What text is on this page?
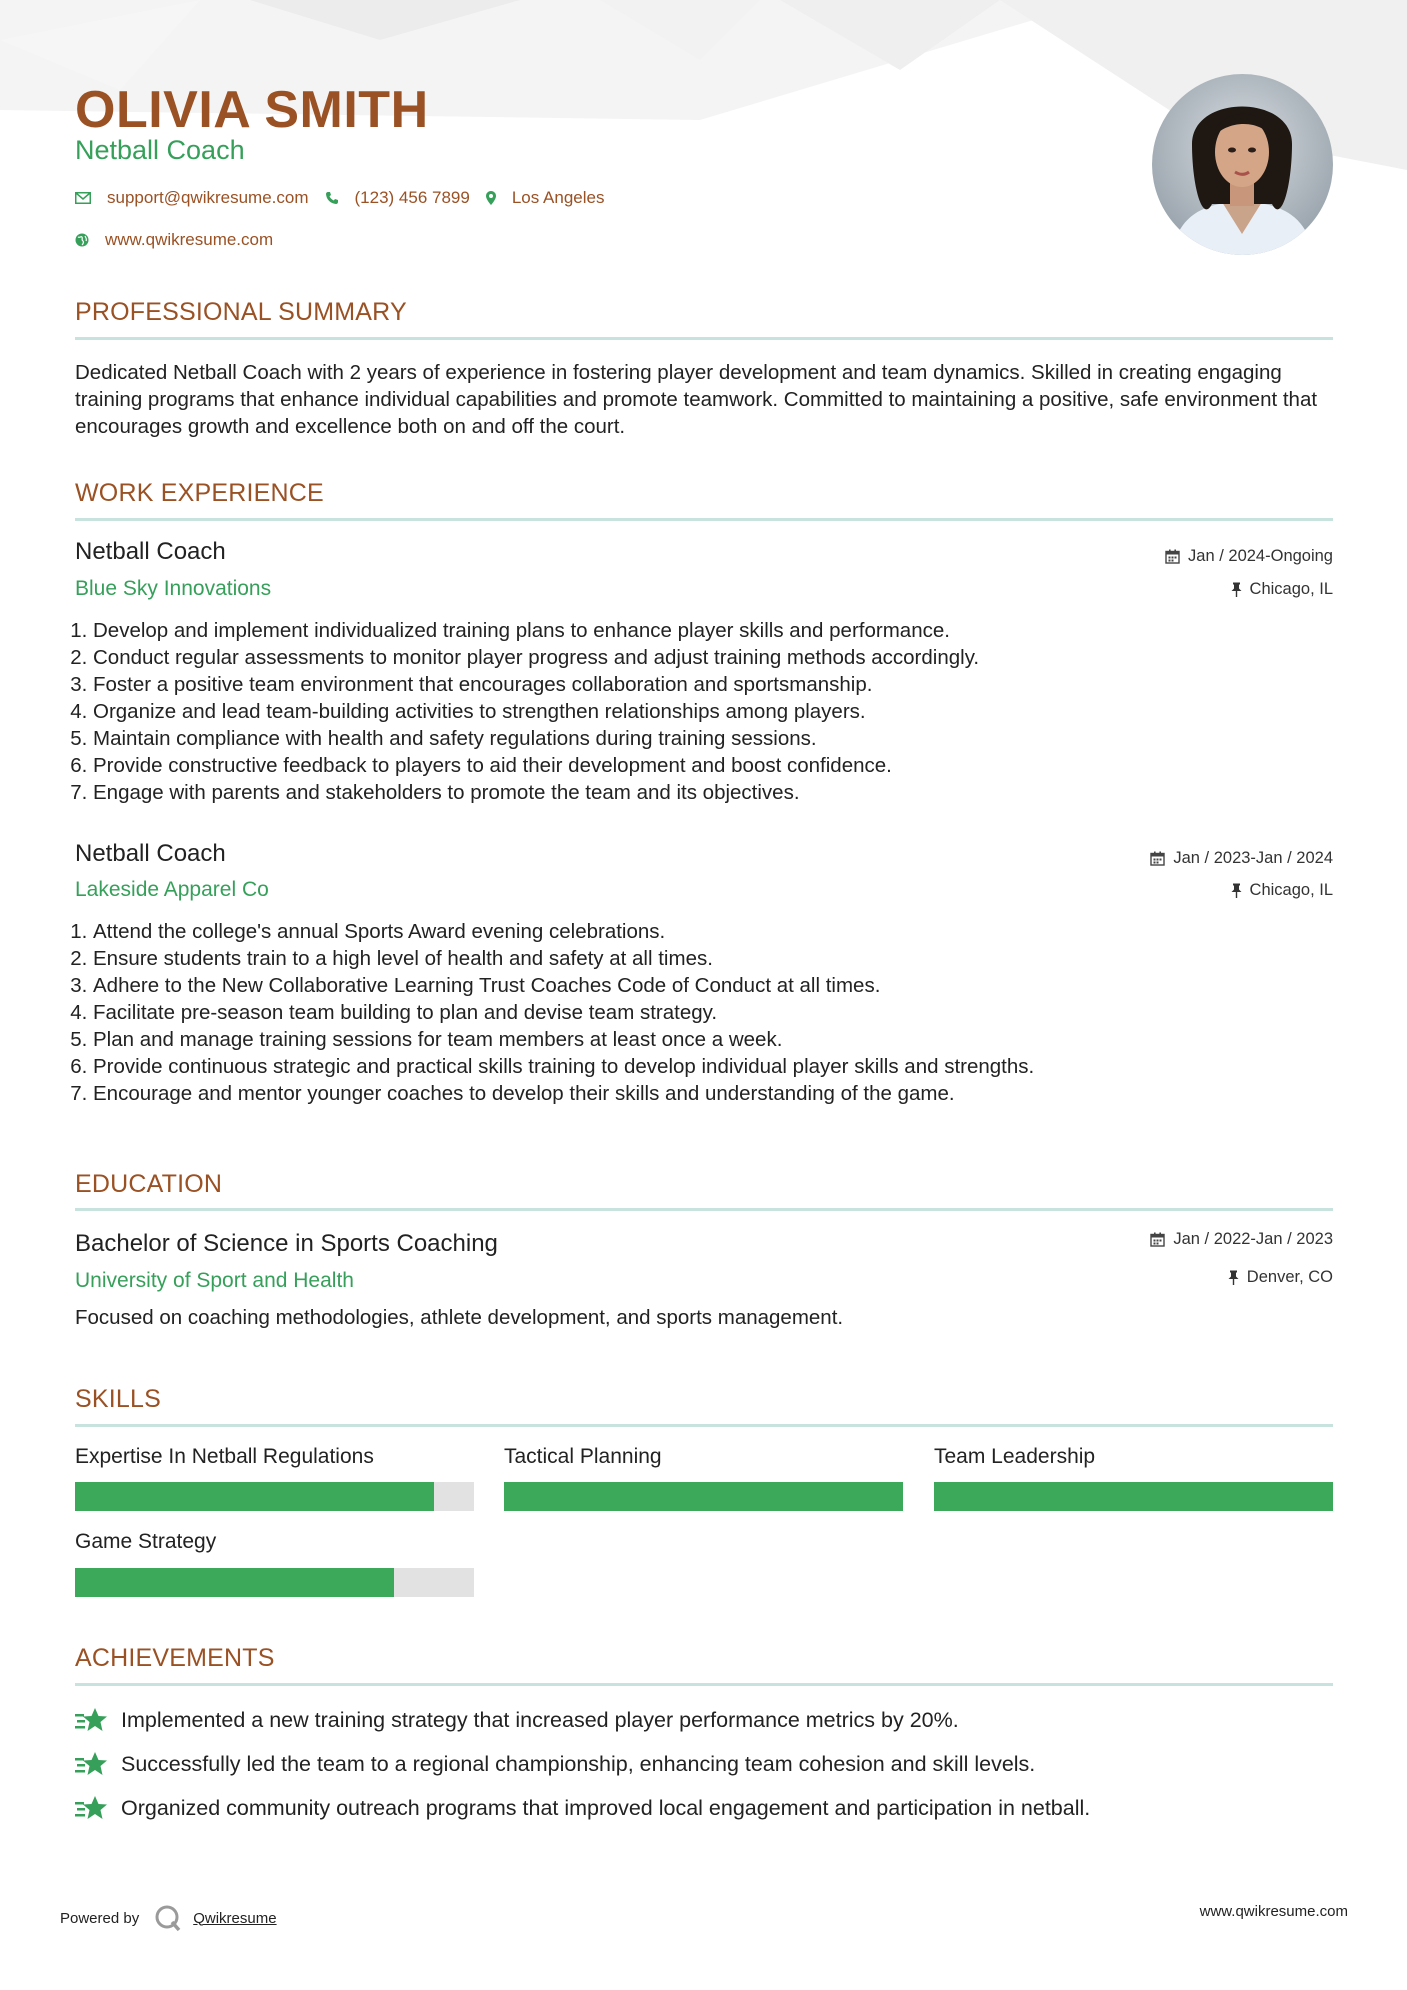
OLIVIA SMITH
Netball Coach
support@qwikresume.com	(123) 456 7899 Los Angeles
www.qwikresume.com
PROFESSIONAL SUMMARY
Dedicated Netball Coach with 2 years of experience in fostering player development and team dynamics. Skilled in creating engaging training programs that enhance individual capabilities and promote teamwork. Committed to maintaining a positive, safe environment that encourages growth and excellence both on and off the court.
WORK EXPERIENCE
Netball Coach
Blue Sky Innovations
Jan / 2024-Ongoing
Chicago, IL
1. Develop and implement individualized training plans to enhance player skills and performance.
2. Conduct regular assessments to monitor player progress and adjust training methods accordingly.
3. Foster a positive team environment that encourages collaboration and sportsmanship.
4. Organize and lead team-building activities to strengthen relationships among players.
5. Maintain compliance with health and safety regulations during training sessions.
6. Provide constructive feedback to players to aid their development and boost confidence.
7. Engage with parents and stakeholders to promote the team and its objectives.
Netball Coach
Lakeside Apparel Co
Jan / 2023-Jan / 2024
Chicago, IL
1. Attend the college's annual Sports Award evening celebrations.
2. Ensure students train to a high level of health and safety at all times.
3. Adhere to the New Collaborative Learning Trust Coaches Code of Conduct at all times.
4. Facilitate pre-season team building to plan and devise team strategy.
5. Plan and manage training sessions for team members at least once a week.
6. Provide continuous strategic and practical skills training to develop individual player skills and strengths.
7. Encourage and mentor younger coaches to develop their skills and understanding of the game.
EDUCATION
Bachelor of Science in Sports Coaching
University of Sport and Health
Jan / 2022-Jan / 2023
Denver, CO
Focused on coaching methodologies, athlete development, and sports management.
SKILLS
Expertise In Netball Regulations	Tactical Planning	Team Leadership
Game Strategy
ACHIEVEMENTS
Implemented a new training strategy that increased player performance metrics by 20%.
Successfully led the team to a regional championship, enhancing team cohesion and skill levels.
Organized community outreach programs that improved local engagement and participation in netball.
Powered by	Qwikresume	www.qwikresume.com
